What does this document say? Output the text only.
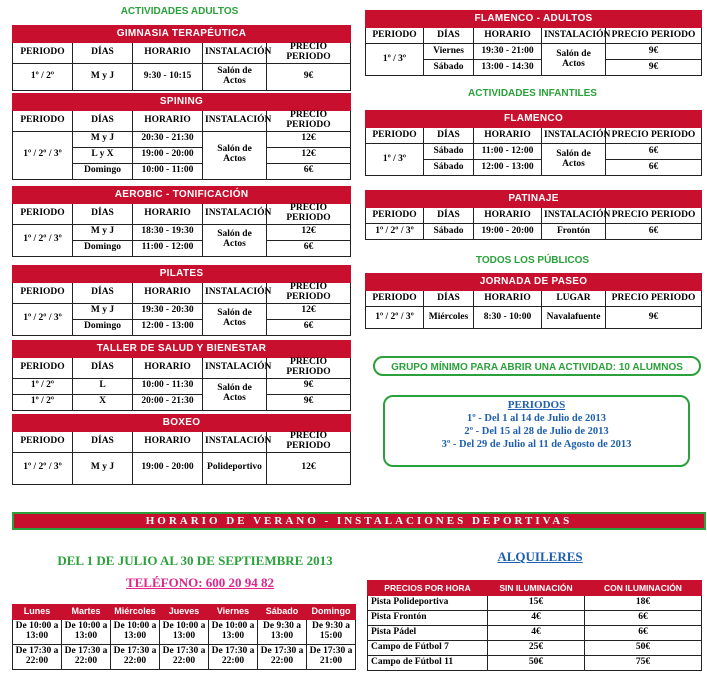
ACTIVIDADES ADULTOS
ACTIVIDADES INFANTILES
TODOS LOS PÚBLICOS
GIMNASIA TERAPÉUTICA				
PERIODO	DÍAS	HORARIO	INSTALACIÓN	PRECIO PERIODO
1º / 2º	M y J	9:30 - 10:15	Salón de Actos	9€
SPINING				
PERIODO	DÍAS	HORARIO	INSTALACIÓN	PRECIO PERIODO
1º / 2º / 3º	M y J	20:30 - 21:30	Salón de Actos	12€
	L y X	19:00 - 20:00		12€
	Domingo	10:00 - 11:00		6€
AEROBIC - TONIFICACIÓN				
PERIODO	DÍAS	HORARIO	INSTALACIÓN	PRECIO PERIODO
1º / 2º / 3º	M y J	18:30 - 19:30	Salón de Actos	12€
	Domingo	11:00 - 12:00		6€
PILATES				
PERIODO	DÍAS	HORARIO	INSTALACIÓN	PRECIO PERIODO
1º / 2º / 3º	M y J	19:30 - 20:30	Salón de Actos	12€
	Domingo	12:00 - 13:00		6€
TALLER DE SALUD Y BIENESTAR				
PERIODO	DÍAS	HORARIO	INSTALACIÓN	PRECIO PERIODO
1º / 2º	L	10:00 - 11:30	Salón de Actos	9€
1º / 2º	X	20:00 - 21:30		9€
BOXEO				
PERIODO	DÍAS	HORARIO	INSTALACIÓN	PRECIO PERIODO
1º / 2º / 3º	M y J	19:00 - 20:00	Polideportivo	12€
FLAMENCO - ADULTOS				
PERIODO	DÍAS	HORARIO	INSTALACIÓN	PRECIO PERIODO
1º / 3º	Viernes	19:30 - 21:00	Salón de Actos	9€
	Sábado	13:00 - 14:30		9€
FLAMENCO				
PERIODO	DÍAS	HORARIO	INSTALACIÓN	PRECIO PERIODO
1º / 3º	Sábado	11:00 - 12:00	Salón de Actos	6€
	Sábado	12:00 - 13:00		6€
PATINAJE				
PERIODO	DÍAS	HORARIO	INSTALACIÓN	PRECIO PERIODO
1º / 2º / 3º	Sábado	19:00 - 20:00	Frontón	6€
JORNADA DE PASEO				
PERIODO	DÍAS	HORARIO	LUGAR	PRECIO PERIODO
1º / 2º / 3º	Miércoles	8:30 - 10:00	Navalafuente	9€
GRUPO MÍNIMO PARA ABRIR UNA ACTIVIDAD: 10 ALUMNOS
PERIODOS
1º - Del 1 al 14 de Julio de 2013
2º - Del 15 al 28 de Julio de 2013
3º - Del 29 de Julio al 11 de Agosto de 2013
HORARIO DE VERANO - INSTALACIONES DEPORTIVAS
DEL 1 DE JULIO AL 30 DE SEPTIEMBRE 2013
TELÉFONO: 600 20 94 82
ALQUILERES
Lunes	Martes	Miércoles	Jueves	Viernes	Sábado	Domingo
De 10:00 a 13:00	De 10:00 a 13:00	De 10:00 a 13:00	De 10:00 a 13:00	De 10:00 a 13:00	De 9:30 a 13:00	De 9:30 a 15:00
De 17:30 a 22:00	De 17:30 a 22:00	De 17:30 a 22:00	De 17:30 a 22:00	De 17:30 a 22:00	De 17:30 a 22:00	De 17:30 a 21:00
PRECIOS POR HORA	SIN ILUMINACIÓN	CON ILUMINACIÓN
Pista Polideportiva	15€	18€
Pista Frontón	4€	6€
Pista Pádel	4€	6€
Campo de Fútbol 7	25€	50€
Campo de Fútbol 11	50€	75€
